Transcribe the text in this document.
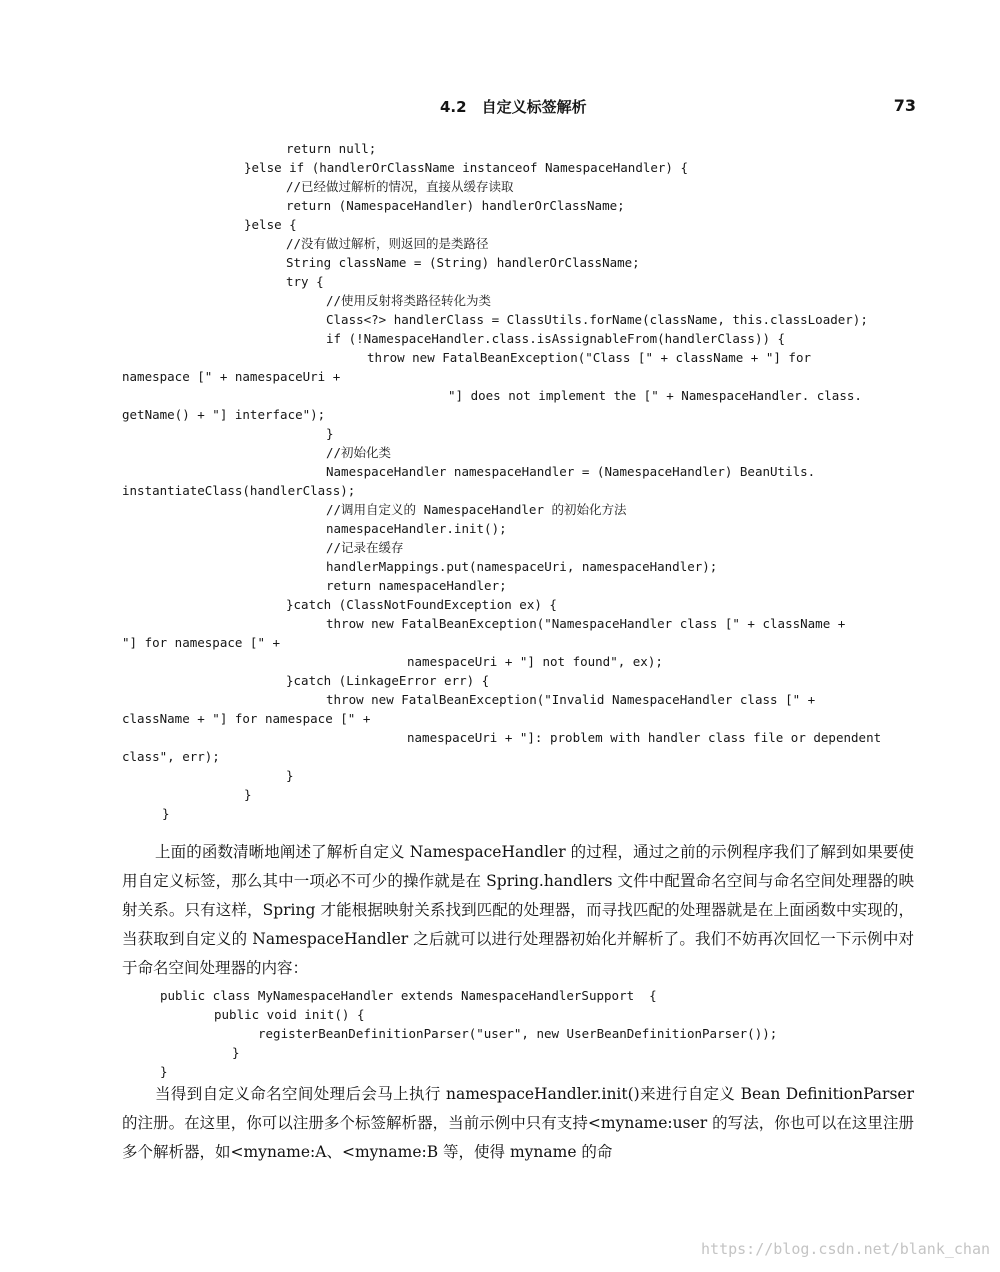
4.2　自定义标签解析	73
return null;
}else if (handlerOrClassName instanceof NamespaceHandler) {
//已经做过解析的情况，直接从缓存读取
return (NamespaceHandler) handlerOrClassName;
}else {
//没有做过解析，则返回的是类路径
String className = (String) handlerOrClassName;
try {
//使用反射将类路径转化为类
Class<?> handlerClass = ClassUtils.forName(className, this.classLoader);
if (!NamespaceHandler.class.isAssignableFrom(handlerClass)) {
throw new FatalBeanException("Class [" + className + "] for
namespace [" + namespaceUri +
"] does not implement the [" + NamespaceHandler. class.
getName() + "] interface");
}
//初始化类
NamespaceHandler namespaceHandler = (NamespaceHandler) BeanUtils.
instantiateClass(handlerClass);
//调用自定义的 NamespaceHandler 的初始化方法
namespaceHandler.init();
//记录在缓存
handlerMappings.put(namespaceUri, namespaceHandler);
return namespaceHandler;
}catch (ClassNotFoundException ex) {
throw new FatalBeanException("NamespaceHandler class [" + className +
"] for namespace [" +
namespaceUri + "] not found", ex);
}catch (LinkageError err) {
throw new FatalBeanException("Invalid NamespaceHandler class [" +
className + "] for namespace [" +
namespaceUri + "]: problem with handler class file or dependent
class", err);
}
}
}

上面的函数清晰地阐述了解析自定义 NamespaceHandler 的过程，通过之前的示例程序我们了解到如果要使用自定义标签，那么其中一项必不可少的操作就是在 Spring.handlers 文件中配置命名空间与命名空间处理器的映射关系。只有这样，Spring 才能根据映射关系找到匹配的处理器，而寻找匹配的处理器就是在上面函数中实现的，当获取到自定义的 NamespaceHandler 之后就可以进行处理器初始化并解析了。我们不妨再次回忆一下示例中对于命名空间处理器的内容：

public class MyNamespaceHandler extends NamespaceHandlerSupport  {
public void init() {
registerBeanDefinitionParser("user", new UserBeanDefinitionParser());
}
}

当得到自定义命名空间处理后会马上执行 namespaceHandler.init()来进行自定义 Bean DefinitionParser 的注册。在这里，你可以注册多个标签解析器，当前示例中只有支持<myname:user 的写法，你也可以在这里注册多个解析器，如<myname:A、<myname:B 等，使得 myname 的命

https://blog.csdn.net/blank_chan
